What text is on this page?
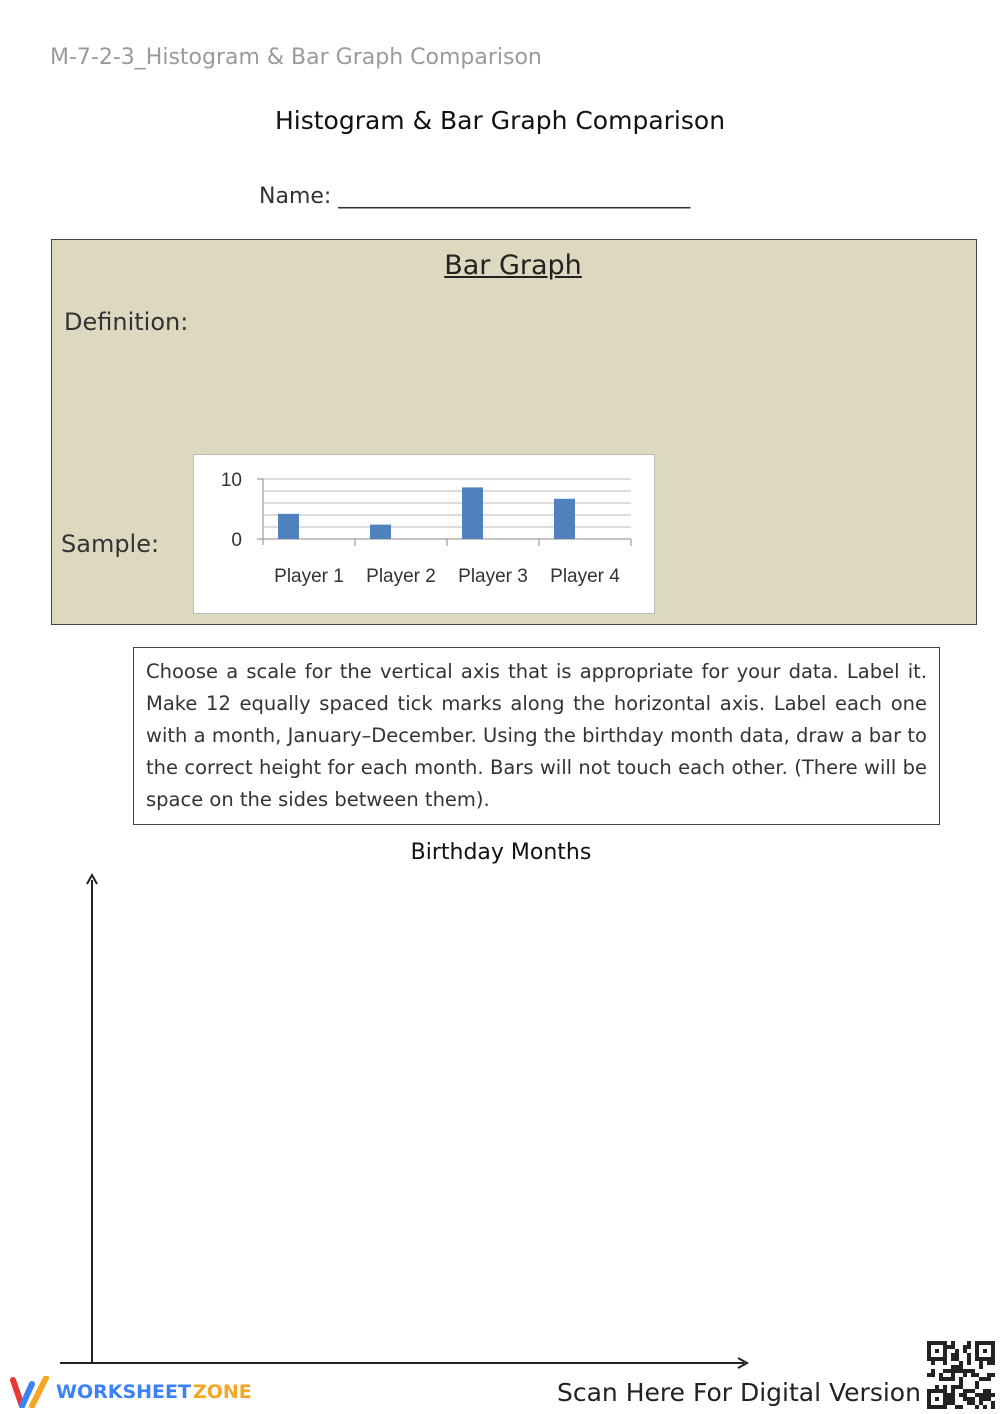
M-7-2-3_Histogram & Bar Graph Comparison
Histogram & Bar Graph Comparison
Name: ________________________________
Bar Graph
Definition:
Sample:
Player 1 Player 2 Player 3 Player 4
0
10
Choose a scale for the vertical axis that is appropriate for your data. Label it. Make 12 equally spaced tick marks along the horizontal axis. Label each one with a month, January–December. Using the birthday month data, draw a bar to the correct height for each month. Bars will not touch each other. (There will be space on the sides between them).
Birthday Months
WORKSHEET ZONE	Scan Here For Digital Version
